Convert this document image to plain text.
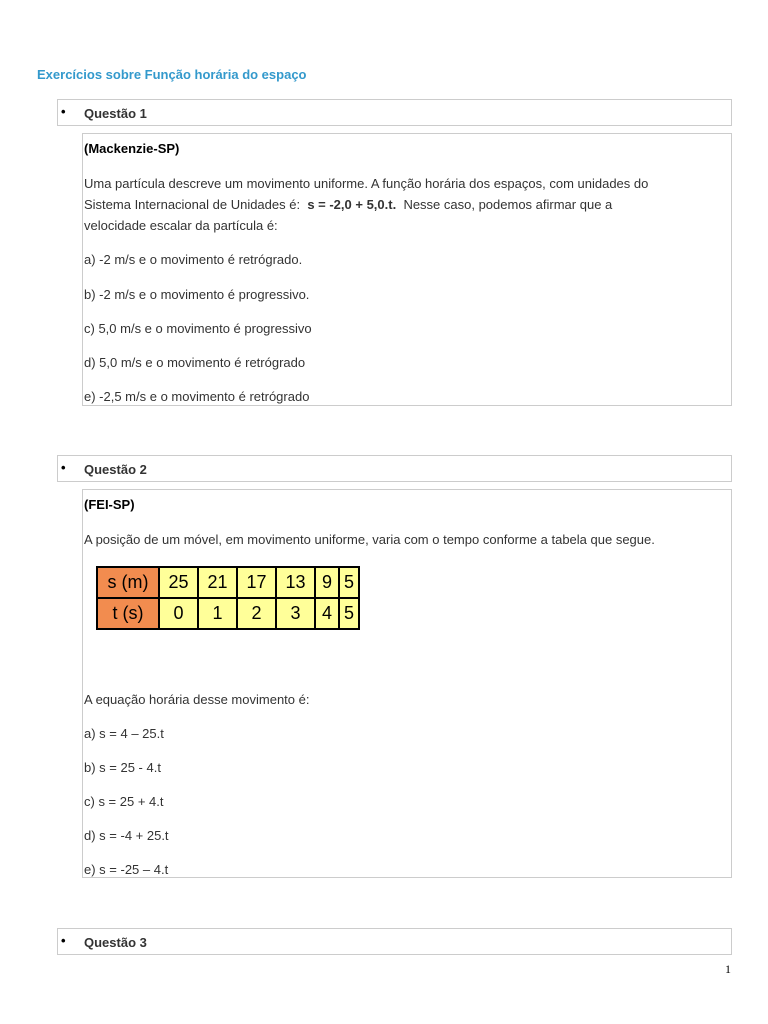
Exercícios sobre Função horária do espaço
• Questão 1
(Mackenzie-SP)
Uma partícula descreve um movimento uniforme. A função horária dos espaços, com unidades do
Sistema Internacional de Unidades é: s = -2,0 + 5,0.t. Nesse caso, podemos afirmar que a
velocidade escalar da partícula é:
a) -2 m/s e o movimento é retrógrado.
b) -2 m/s e o movimento é progressivo.
c) 5,0 m/s e o movimento é progressivo
d) 5,0 m/s e o movimento é retrógrado
e) -2,5 m/s e o movimento é retrógrado
• Questão 2
(FEI-SP)
A posição de um móvel, em movimento uniforme, varia com o tempo conforme a tabela que segue.
s (m)	25	21	17	13	9	5
t (s)	0	1	2	3	4	5
A equação horária desse movimento é:
a) s = 4 – 25.t
b) s = 25 - 4.t
c) s = 25 + 4.t
d) s = -4 + 25.t
e) s = -25 – 4.t
• Questão 3
1
